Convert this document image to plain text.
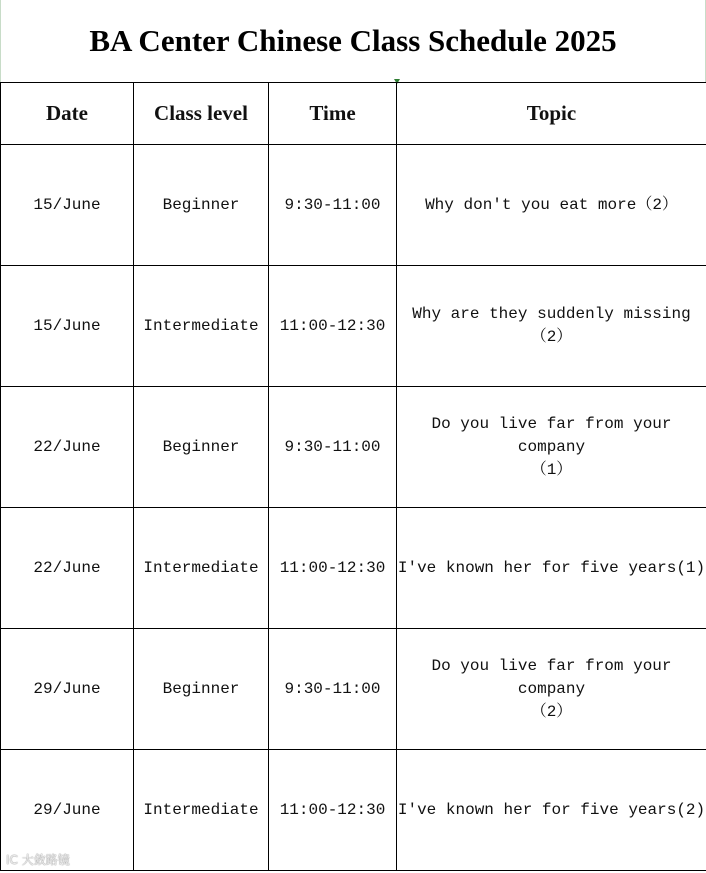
BA Center Chinese Class Schedule 2025
Date	Class level	Time	Topic
15/June	Beginner	9:30-11:00	Why don't you eat more（2）

15/June	Intermediate	11:00-12:30	Why are they suddenly missing
（2）

22/June	Beginner	9:30-11:00	Do you live far from your company
（1）

22/June	Intermediate	11:00-12:30	I've known her for five years(1)

29/June	Beginner	9:30-11:00	Do you live far from your company
（2）

29/June	Intermediate	11:00-12:30	I've known her for five years(2)
IC 大敛路镜
